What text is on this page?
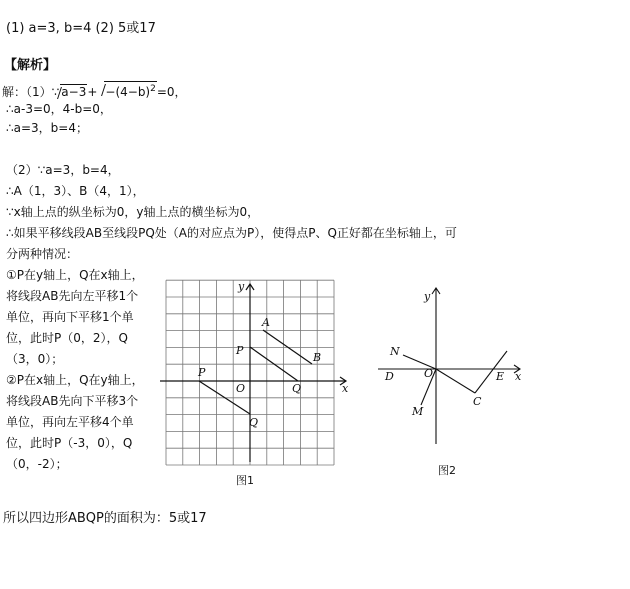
(1) a=3, b=4 (2) 5或17
【解析】
解：（1）∵ $a-3+ -(4-b)^2=0$，
∴a-3=0，4-b=0，
∴a=3，b=4；
（2）∵a=3，b=4，
∴A（1，3）、B（4，1），
∵x轴上点的纵坐标为0，y轴上点的横坐标为0，
∴如果平移线段AB至线段PQ处（A的对应点为P），使得点P、Q正好都在坐标轴上，可
分两种情况：
①P在y轴上，Q在x轴上，
将线段AB先向左平移1个
单位，再向下平移1个单
位，此时P（0，2），Q
（3，0）；
②P在x轴上，Q在y轴上，
将线段AB先向下平移3个
单位，再向左平移4个单
位，此时P（-3，0），Q
（0，-2）；
A
B
P
Q
P
Q
O	x
y
图1
N
D	O
M
C
E x
y
图2
所以四边形ABQP的面积为：5或17
